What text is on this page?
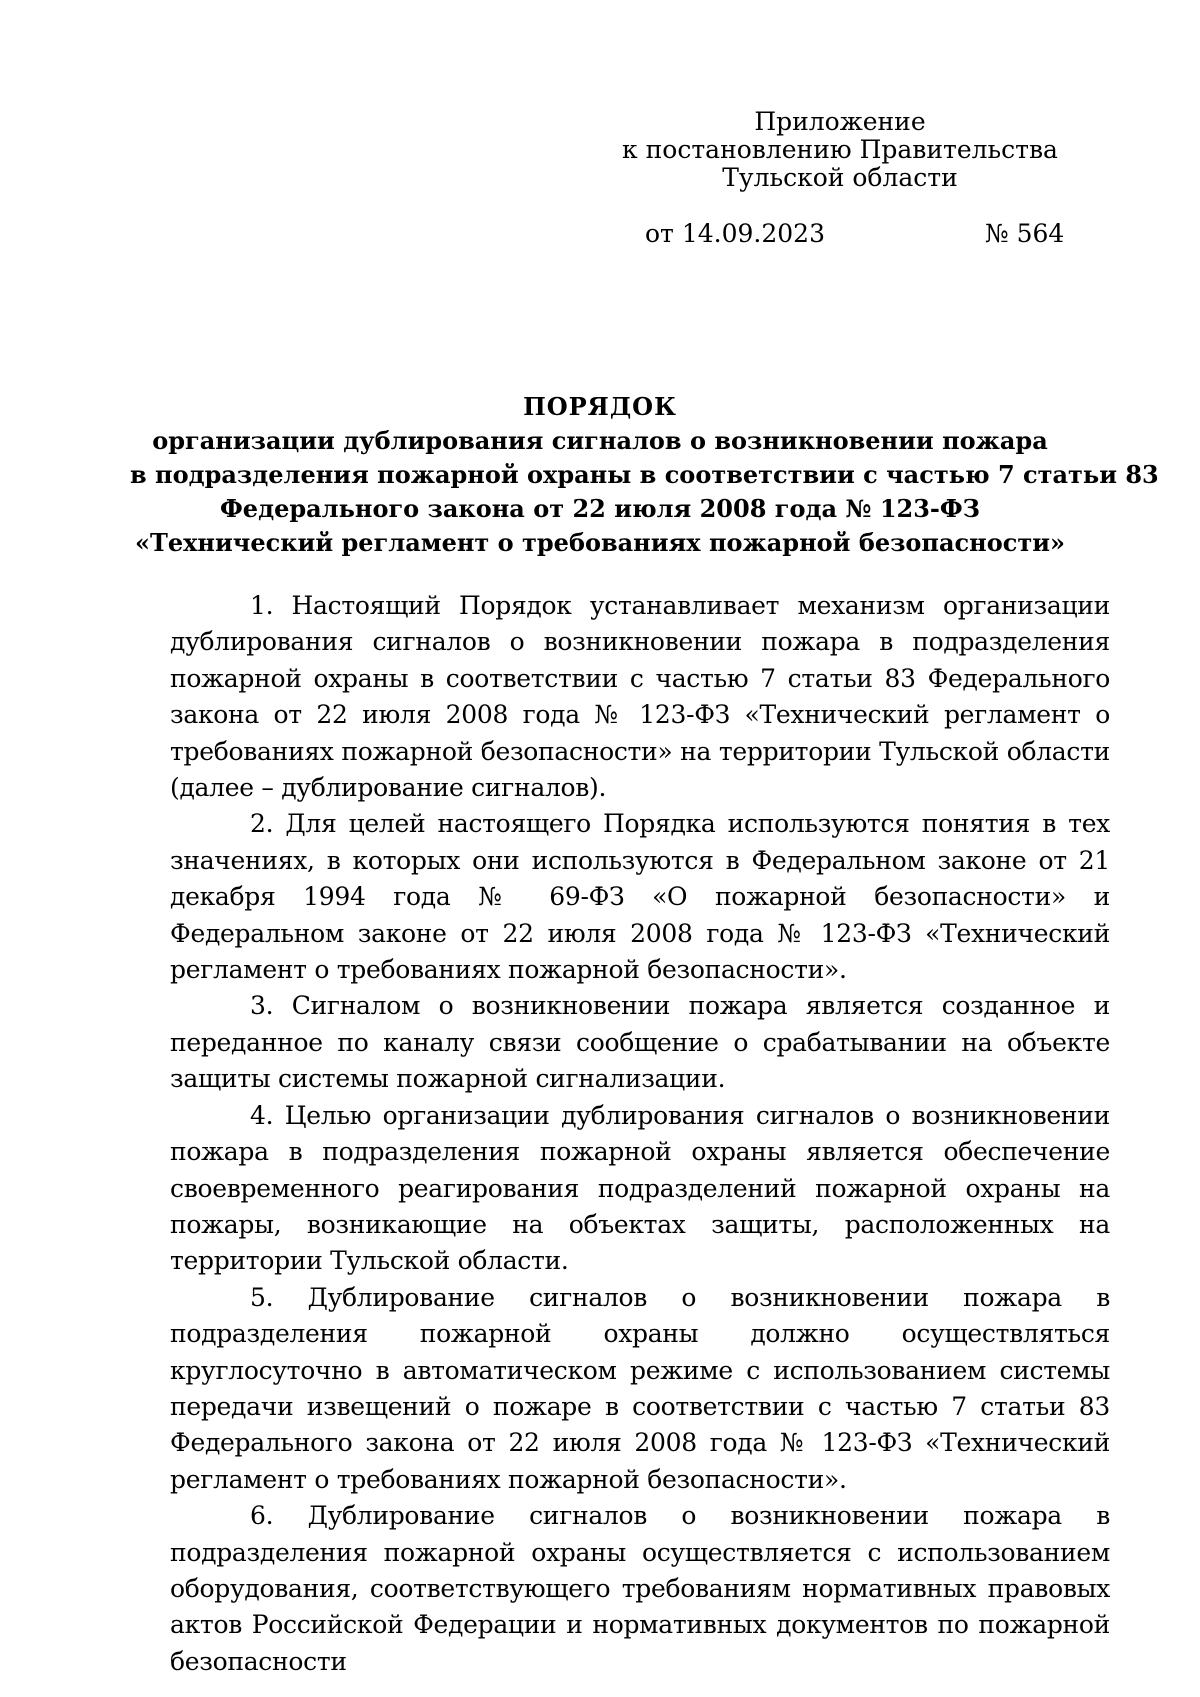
Приложение
к постановлению Правительства
Тульской области
от 14.09.2023	№ 564
ПОРЯДОК
организации дублирования сигналов о возникновении пожара
в подразделения пожарной охраны в соответствии с частью 7 статьи 83
Федерального закона от 22 июля 2008 года № 123-ФЗ
«Технический регламент о требованиях пожарной безопасности»

1. Настоящий Порядок устанавливает механизм организации дублирования сигналов о возникновении пожара в подразделения пожарной охраны в соответствии с частью 7 статьи 83 Федерального закона от 22 июля 2008 года № 123-ФЗ «Технический регламент о требованиях пожарной безопасности» на территории Тульской области (далее – дублирование сигналов).

2. Для целей настоящего Порядка используются понятия в тех значениях, в которых они используются в Федеральном законе от 21 декабря 1994 года № 69-ФЗ «О пожарной безопасности» и Федеральном законе от 22 июля 2008 года № 123-ФЗ «Технический регламент о требованиях пожарной безопасности».

3. Сигналом о возникновении пожара является созданное и переданное по каналу связи сообщение о срабатывании на объекте защиты системы пожарной сигнализации.

4. Целью организации дублирования сигналов о возникновении пожара в подразделения пожарной охраны является обеспечение своевременного реагирования подразделений пожарной охраны на пожары, возникающие на объектах защиты, расположенных на территории Тульской области.

5. Дублирование сигналов о возникновении пожара в подразделения пожарной охраны должно осуществляться круглосуточно в автоматическом режиме с использованием системы передачи извещений о пожаре в соответствии с частью 7 статьи 83 Федерального закона от 22 июля 2008 года № 123-ФЗ «Технический регламент о требованиях пожарной безопасности».

6. Дублирование сигналов о возникновении пожара в подразделения пожарной охраны осуществляется с использованием оборудования, соответствующего требованиям нормативных правовых актов Российской Федерации и нормативных документов по пожарной безопасности
